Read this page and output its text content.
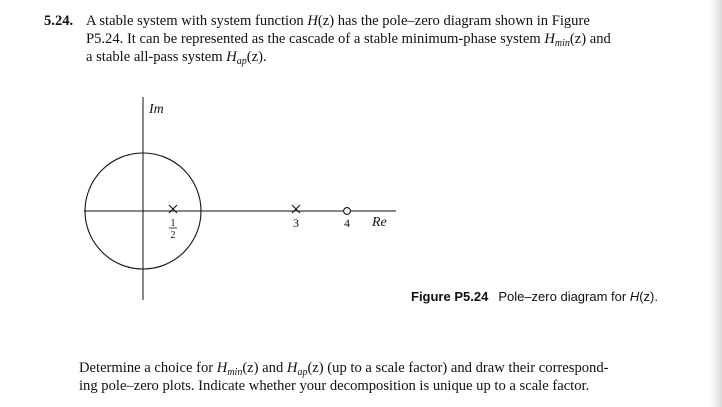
5.24. A stable system with system function H(z) has the pole–zero diagram shown in Figure
P5.24. It can be represented as the cascade of a stable minimum-phase system $H_{min}(z)$ and
a stable all-pass system $H_{ap}(z)$.
Im
Re
1
2
3	4
Figure P5.24 Pole–zero diagram for H(z).
Determine a choice for $H_{min}(z)$ and $H_{ap}(z)$ (up to a scale factor) and draw their correspond-
ing pole–zero plots. Indicate whether your decomposition is unique up to a scale factor.
